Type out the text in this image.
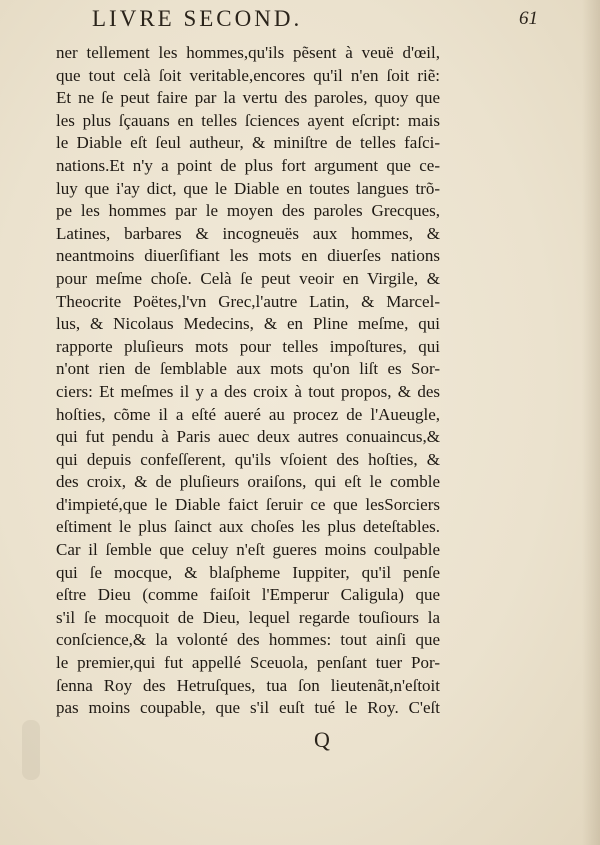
LIVRE SECOND.	61
ner tellement les hommes,qu'ils pẽsent à veuë d'œil,
que tout celà ſoit veritable,encores qu'il n'en ſoit riẽ:
Et ne ſe peut faire par la vertu des paroles, quoy que
les plus ſçauans en telles ſciences ayent eſcript: mais
le Diable eſt ſeul autheur, & miniſtre de telles faſci-
nations.Et n'y a point de plus fort argument que ce-
luy que i'ay dict, que le Diable en toutes langues trõ-
pe les hommes par le moyen des paroles Grecques,
Latines, barbares & incogneuës aux hommes, &
neantmoins diuerſifiant les mots en diuerſes nations
pour meſme choſe. Celà ſe peut veoir en Virgile, &
Theocrite Poëtes,l'vn Grec,l'autre Latin, & Marcel-
lus, & Nicolaus Medecins, & en Pline meſme, qui
rapporte pluſieurs mots pour telles impoſtures, qui
n'ont rien de ſemblable aux mots qu'on liſt es Sor-
ciers: Et meſmes il y a des croix à tout propos, & des
hoſties, cõme il a eſté aueré au procez de l'Aueugle,
qui fut pendu à Paris auec deux autres conuaincus,&
qui depuis confeſſerent, qu'ils vſoient des hoſties, &
des croix, & de pluſieurs oraiſons, qui eſt le comble
d'impieté,que le Diable faict ſeruir ce que lesSorciers
eſtiment le plus ſainct aux choſes les plus deteſtables.
Car il ſemble que celuy n'eſt gueres moins coulpable
qui ſe mocque, & blaſpheme Iuppiter, qu'il penſe
eſtre Dieu (comme faiſoit l'Emperur Caligula) que
s'il ſe mocquoit de Dieu, lequel regarde touſiours la
conſcience,& la volonté des hommes: tout ainſi que
le premier,qui fut appellé Sceuola, penſant tuer Por-
ſenna Roy des Hetruſques, tua ſon lieutenãt,n'eſtoit
pas moins coupable, que s'il euſt tué le Roy. C'eſt
Q
